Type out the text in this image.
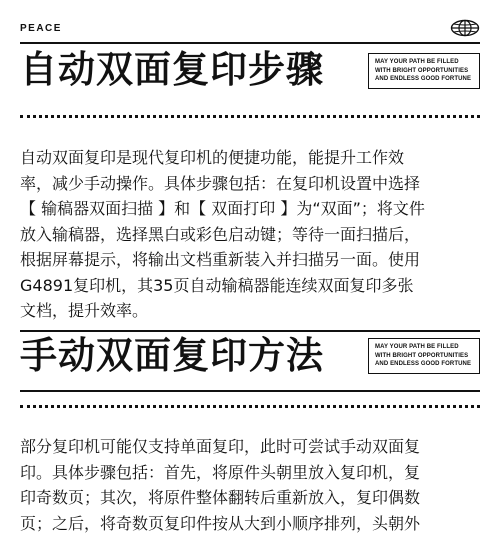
PEACE
自动双面复印步骤	MAY YOUR PATH BE FILLED
WITH BRIGHT OPPORTUNITIES
AND ENDLESS GOOD FORTUNE
自动双面复印是现代复印机的便捷功能，能提升工作效
率，减少手动操作。具体步骤包括：在复印机设置中选择
【 输稿器双面扫描 】和【 双面打印 】为“双面”；将文件
放入输稿器，选择黑白或彩色启动键；等待一面扫描后，
根据屏幕提示，将输出文档重新装入并扫描另一面。使用
G4891复印机，其35页自动输稿器能连续双面复印多张
文档，提升效率。
手动双面复印方法	MAY YOUR PATH BE FILLED
WITH BRIGHT OPPORTUNITIES
AND ENDLESS GOOD FORTUNE
部分复印机可能仅支持单面复印，此时可尝试手动双面复
印。具体步骤包括：首先，将原件头朝里放入复印机，复
印奇数页；其次，将原件整体翻转后重新放入，复印偶数
页；之后，将奇数页复印件按从大到小顺序排列，头朝外
